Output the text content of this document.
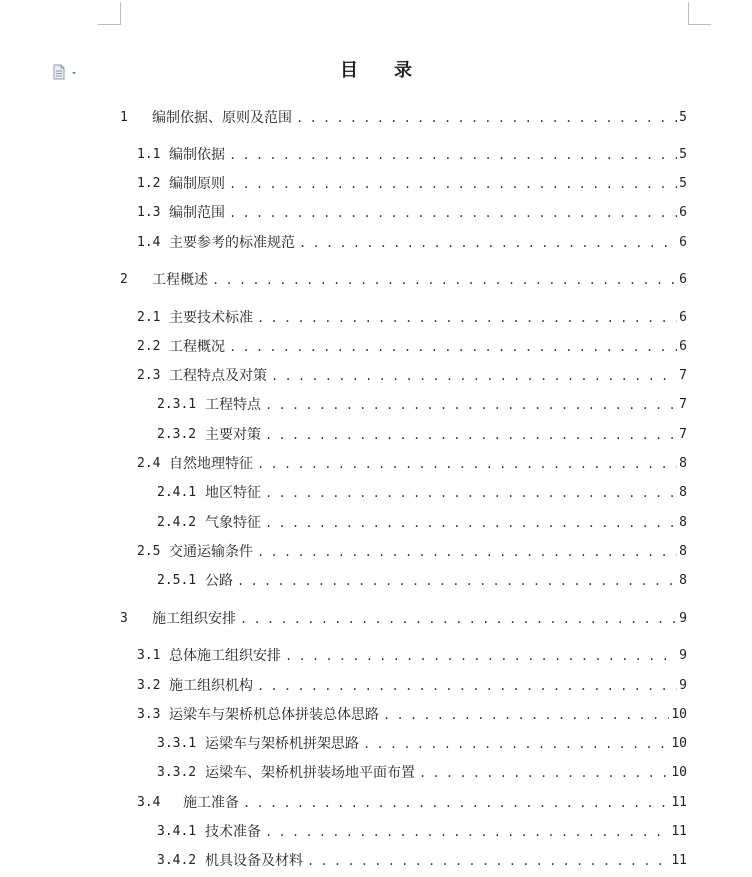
目 录
1	编制依据、原则及范围 . . .	5
1.1 编制依据 . . .	5
1.2 编制原则 . . .	5
1.3 编制范围 . . .	6
1.4 主要参考的标准规范 . . .	6
2	工程概述 . . .	6
2.1 主要技术标准 . . .	6
2.2 工程概况 . . .	6
2.3 工程特点及对策 . . .	7
2.3.1 工程特点 . . .	7
2.3.2 主要对策 . . .	7
2.4 自然地理特征 . . .	8
2.4.1 地区特征 . . .	8
2.4.2 气象特征 . . .	8
2.5 交通运输条件 . . .	8
2.5.1 公路 . . .	8
3	施工组织安排 . . .	9
3.1 总体施工组织安排 . . .	9
3.2 施工组织机构 . . .	9
3.3 运梁车与架桥机总体拼装总体思路 . . .	10
3.3.1 运梁车与架桥机拼架思路 . . .	10
3.3.2 运梁车、架桥机拼装场地平面布置 . . .	10
3.4	施工准备 . . .	11
3.4.1 技术准备 . . .	11
3.4.2 机具设备及材料 . . .	11
